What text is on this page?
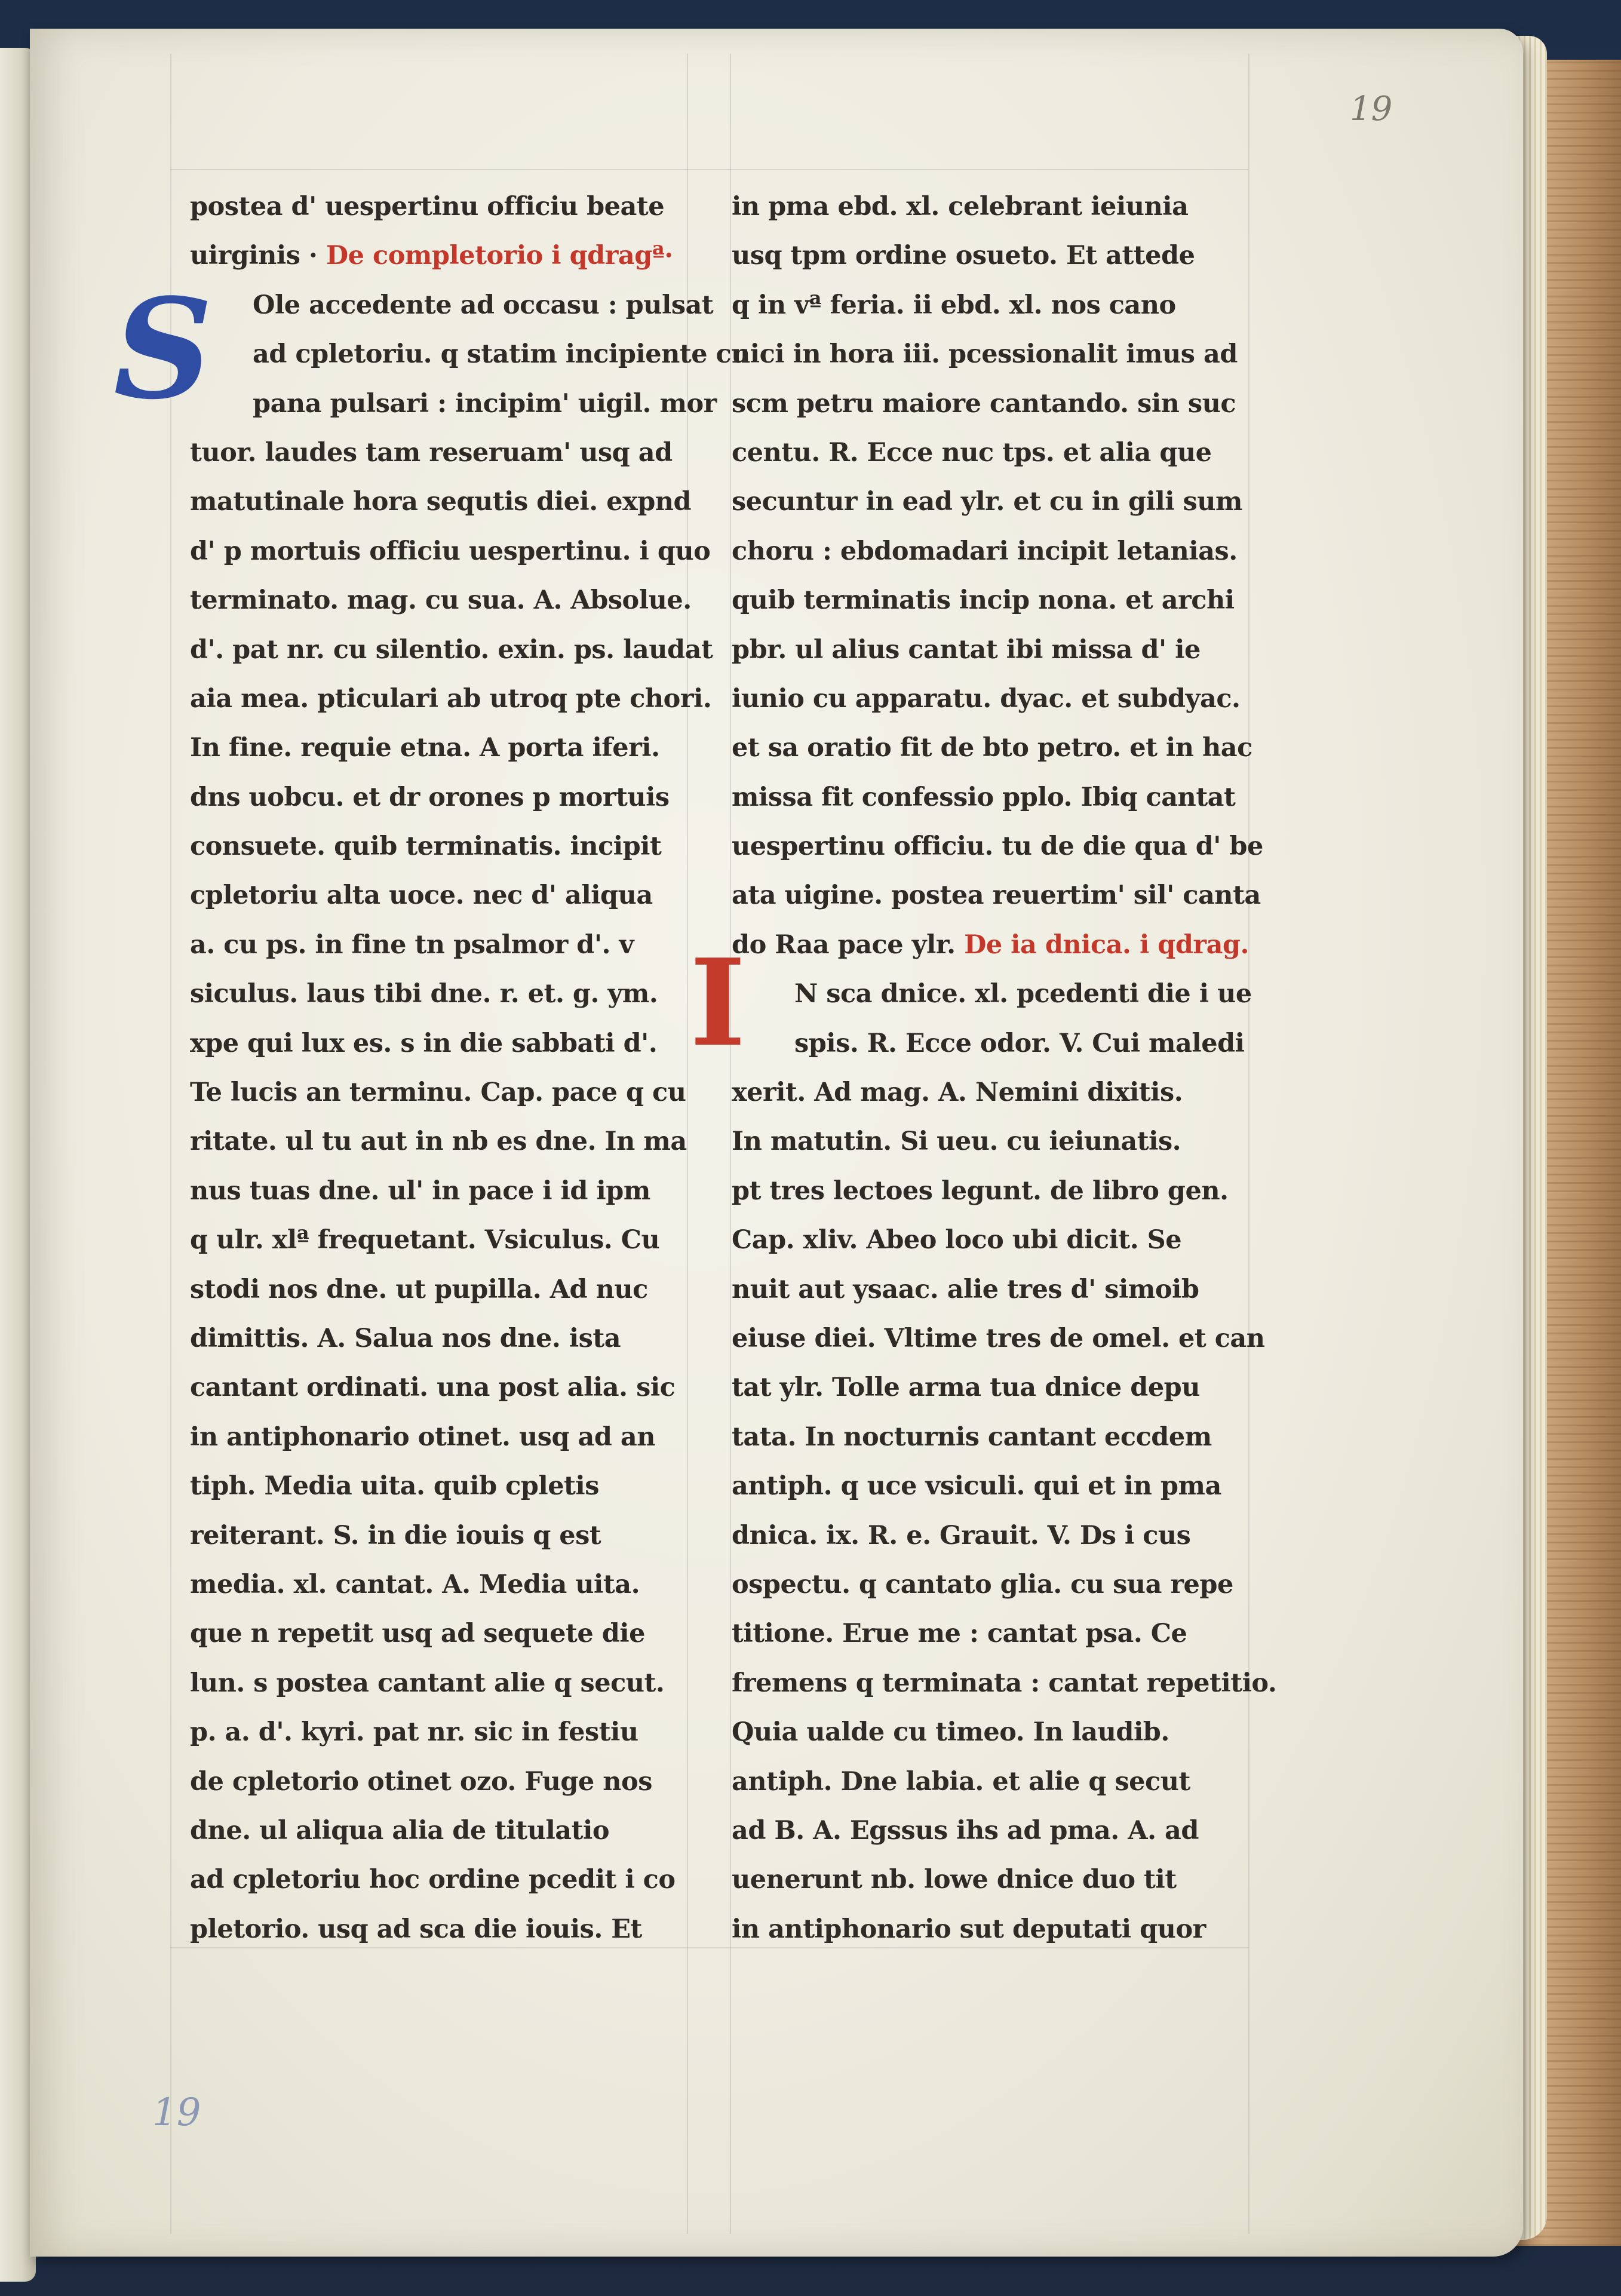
19
19
S
I
postea d' uespertinu officiu beate
uirginis · De completorio i qdragª·
Ole accedente ad occasu : pulsat
ad cpletoriu. q statim incipiente cu
pana pulsari : incipim' uigil. mor
tuor. laudes tam reseruam' usq ad
matutinale hora sequtis diei. expnd
d' p mortuis officiu uespertinu. i quo
terminato. mag. cu sua. A. Absolue.
d'. pat nr. cu silentio. exin. ps. laudat
aia mea. pticulari ab utroq pte chori.
In fine. requie etna. A porta iferi.
dns uobcu. et dr orones p mortuis
consuete. quib terminatis. incipit
cpletoriu alta uoce. nec d' aliqua
a. cu ps. in fine tn psalmor d'. v
siculus. laus tibi dne. r. et. g. ym.
xpe qui lux es. s in die sabbati d'.
Te lucis an terminu. Cap. pace q cu
ritate. ul tu aut in nb es dne. In ma
nus tuas dne. ul' in pace i id ipm
q ulr. xlª frequetant. Vsiculus. Cu
stodi nos dne. ut pupilla. Ad nuc
dimittis. A. Salua nos dne. ista
cantant ordinati. una post alia. sic
in antiphonario otinet. usq ad an
tiph. Media uita. quib cpletis
reiterant. S. in die iouis q est
media. xl. cantat. A. Media uita.
que n repetit usq ad sequete die
lun. s postea cantant alie q secut.
p. a. d'. kyri. pat nr. sic in festiu
de cpletorio otinet ozo. Fuge nos
dne. ul aliqua alia de titulatio
ad cpletoriu hoc ordine pcedit i co
pletorio. usq ad sca die iouis. Et
in pma ebd. xl. celebrant ieiunia
usq tpm ordine osueto. Et attede
q in vª feria. ii ebd. xl. nos cano
nici in hora iii. pcessionalit imus ad
scm petru maiore cantando. sin suc
centu. R. Ecce nuc tps. et alia que
secuntur in ead ylr. et cu in gili sum
choru : ebdomadari incipit letanias.
quib terminatis incip nona. et archi
pbr. ul alius cantat ibi missa d' ie
iunio cu apparatu. dyac. et subdyac.
et sa oratio fit de bto petro. et in hac
missa fit confessio pplo. Ibiq cantat
uespertinu officiu. tu de die qua d' be
ata uigine. postea reuertim' sil' canta
do Raa pace ylr. De ia dnica. i qdrag.
N sca dnice. xl. pcedenti die i ue
spis. R. Ecce odor. V. Cui maledi
xerit. Ad mag. A. Nemini dixitis.
In matutin. Si ueu. cu ieiunatis.
pt tres lectoes legunt. de libro gen.
Cap. xliv. Abeo loco ubi dicit. Se
nuit aut ysaac. alie tres d' simoib
eiuse diei. Vltime tres de omel. et can
tat ylr. Tolle arma tua dnice depu
tata. In nocturnis cantant eccdem
antiph. q uce vsiculi. qui et in pma
dnica. ix. R. e. Grauit. V. Ds i cus
ospectu. q cantato glia. cu sua repe
titione. Erue me : cantat psa. Ce
fremens q terminata : cantat repetitio.
Quia ualde cu timeo. In laudib.
antiph. Dne labia. et alie q secut
ad B. A. Egssus ihs ad pma. A. ad
uenerunt nb. lowe dnice duo tit
in antiphonario sut deputati quor
